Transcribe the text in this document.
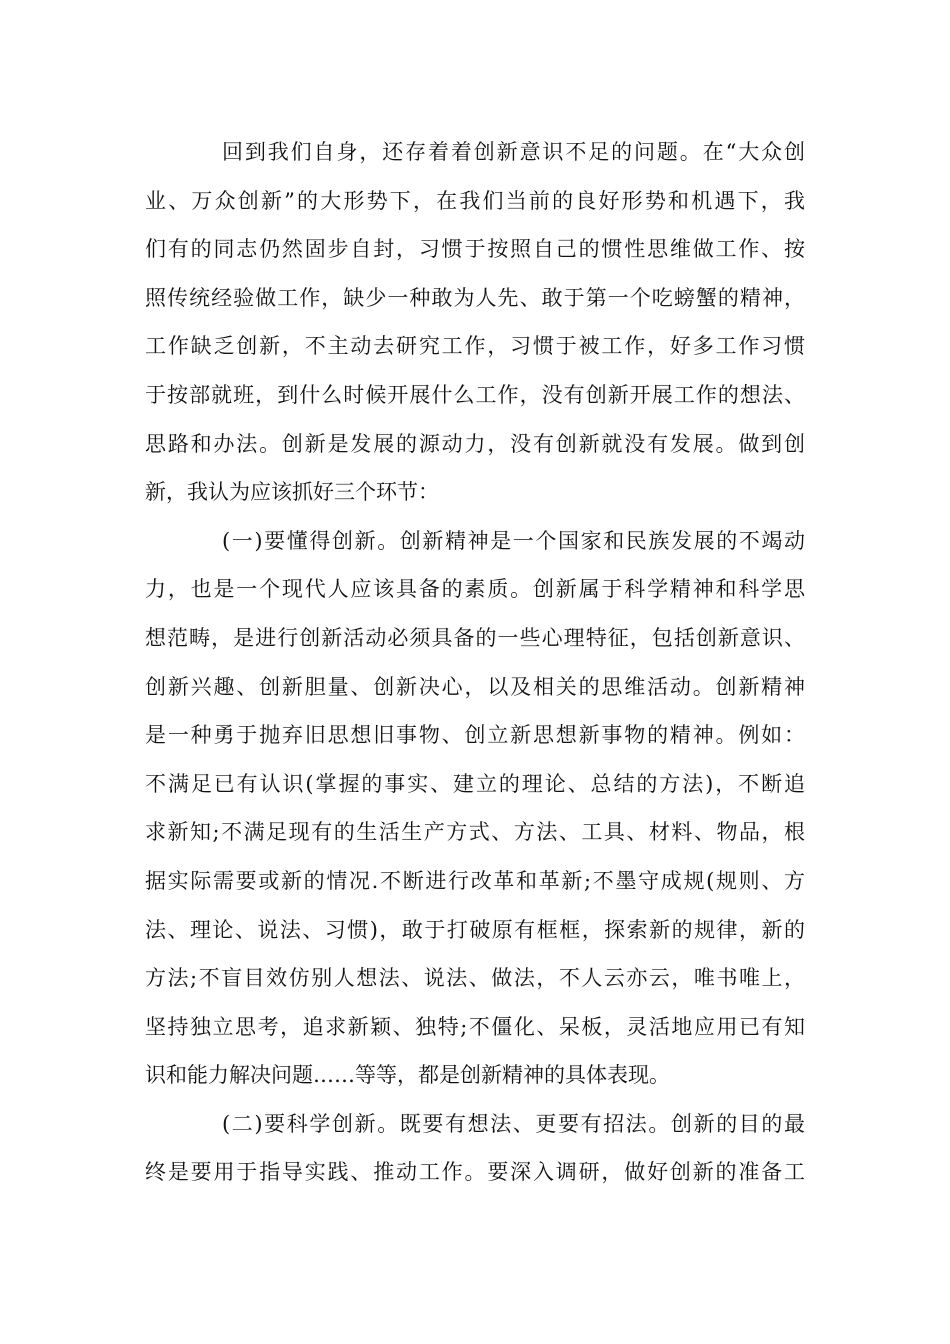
回到我们自身，还存着着创新意识不足的问题。在“大众创
业、万众创新”的大形势下，在我们当前的良好形势和机遇下，我
们有的同志仍然固步自封，习惯于按照自己的惯性思维做工作、按
照传统经验做工作，缺少一种敢为人先、敢于第一个吃螃蟹的精神，
工作缺乏创新，不主动去研究工作，习惯于被工作，好多工作习惯
于按部就班，到什么时候开展什么工作，没有创新开展工作的想法、
思路和办法。创新是发展的源动力，没有创新就没有发展。做到创
新，我认为应该抓好三个环节：
(一)要懂得创新。创新精神是一个国家和民族发展的不竭动
力，也是一个现代人应该具备的素质。创新属于科学精神和科学思
想范畴，是进行创新活动必须具备的一些心理特征，包括创新意识、
创新兴趣、创新胆量、创新决心，以及相关的思维活动。创新精神
是一种勇于抛弃旧思想旧事物、创立新思想新事物的精神。例如：
不满足已有认识(掌握的事实、建立的理论、总结的方法)，不断追
求新知;不满足现有的生活生产方式、方法、工具、材料、物品，根
据实际需要或新的情况.不断进行改革和革新;不墨守成规(规则、方
法、理论、说法、习惯)，敢于打破原有框框，探索新的规律，新的
方法;不盲目效仿别人想法、说法、做法，不人云亦云，唯书唯上，
坚持独立思考，追求新颖、独特;不僵化、呆板，灵活地应用已有知
识和能力解决问题……等等，都是创新精神的具体表现。
(二)要科学创新。既要有想法、更要有招法。创新的目的最
终是要用于指导实践、推动工作。要深入调研，做好创新的准备工
